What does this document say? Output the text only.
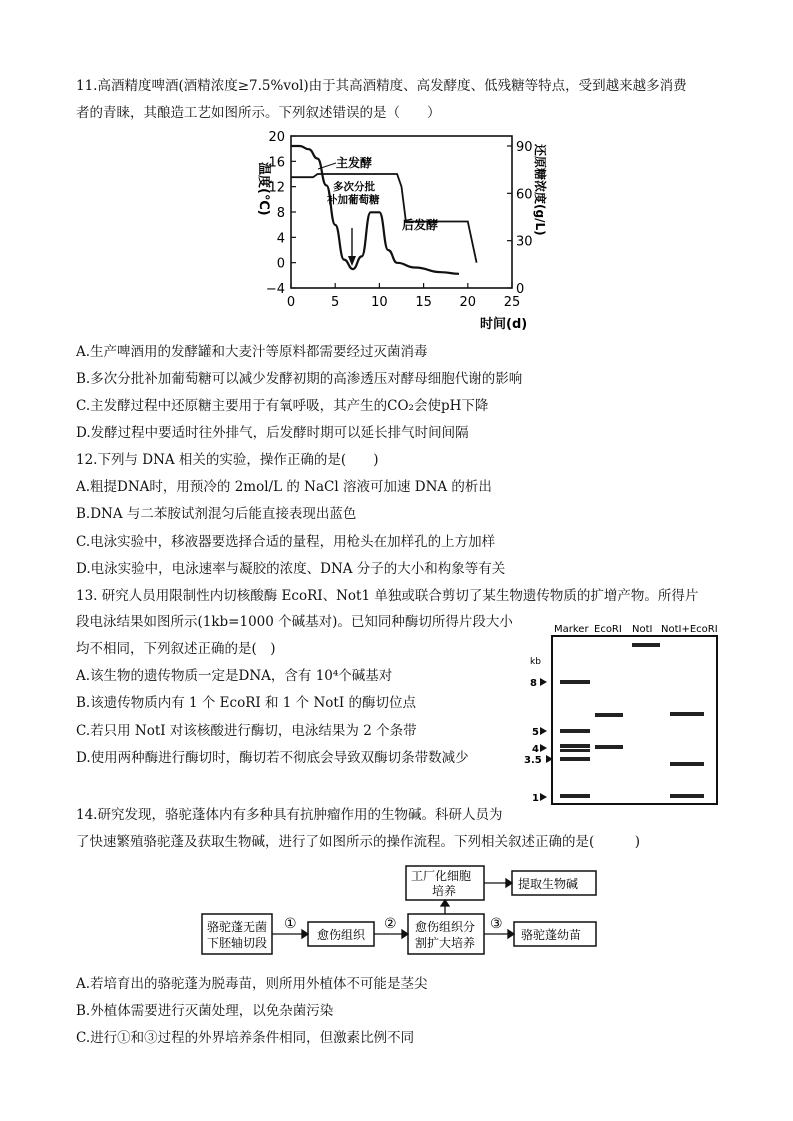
11.高酒精度啤酒(酒精浓度≥7.5%vol)由于其高酒精度、高发酵度、低残糖等特点，受到越来越多消费
者的青睐，其酿造工艺如图所示。下列叙述错误的是（　　）
温度(℃)	还原糖浓度(g/L)
20
16
12
8
4
0
−4
90
60
30
0
0	5 10 15 20 25
时间(d)
主发酵
多次分批
补加葡萄糖
后发酵
A.生产啤酒用的发酵罐和大麦汁等原料都需要经过灭菌消毒
B.多次分批补加葡萄糖可以减少发酵初期的高渗透压对酵母细胞代谢的影响
C.主发酵过程中还原糖主要用于有氧呼吸，其产生的CO₂会使pH下降
D.发酵过程中要适时往外排气，后发酵时期可以延长排气时间间隔
12.下列与 DNA 相关的实验，操作正确的是(　　)
A.粗提DNA时，用预冷的 2mol/L 的 NaCl 溶液可加速 DNA 的析出
B.DNA 与二苯胺试剂混匀后能直接表现出蓝色
C.电泳实验中，移液器要选择合适的量程，用枪头在加样孔的上方加样
D.电泳实验中，电泳速率与凝胶的浓度、DNA 分子的大小和构象等有关
13. 研究人员用限制性内切核酸酶 EcoRI、Not1 单独或联合剪切了某生物遗传物质的扩增产物。所得片
段电泳结果如图所示(1kb=1000 个碱基对)。已知同种酶切所得片段大小
均不相同，下列叙述正确的是(　)
A.该生物的遗传物质一定是DNA，含有 10⁴个碱基对
B.该遗传物质内有 1 个 EcoRI 和 1 个 NotI 的酶切位点
C.若只用 NotI 对该核酸进行酶切，电泳结果为 2 个条带
D.使用两种酶进行酶切时，酶切若不彻底会导致双酶切条带数减少
Marker EcoRI NotI NotI+EcoRI
kb
8
5
4
3.5
1
14.研究发现，骆驼蓬体内有多种具有抗肿瘤作用的生物碱。科研人员为
了快速繁殖骆驼蓬及获取生物碱，进行了如图所示的操作流程。下列相关叙述正确的是(　　　)
骆驼蓬无菌
下胚轴切段
①
愈伤组织
② 愈伤组织分
割扩大培养
③
骆驼蓬幼苗
工厂化细胞
培养	提取生物碱
A.若培育出的骆驼蓬为脱毒苗，则所用外植体不可能是茎尖
B.外植体需要进行灭菌处理，以免杂菌污染
C.进行①和③过程的外界培养条件相同，但激素比例不同
